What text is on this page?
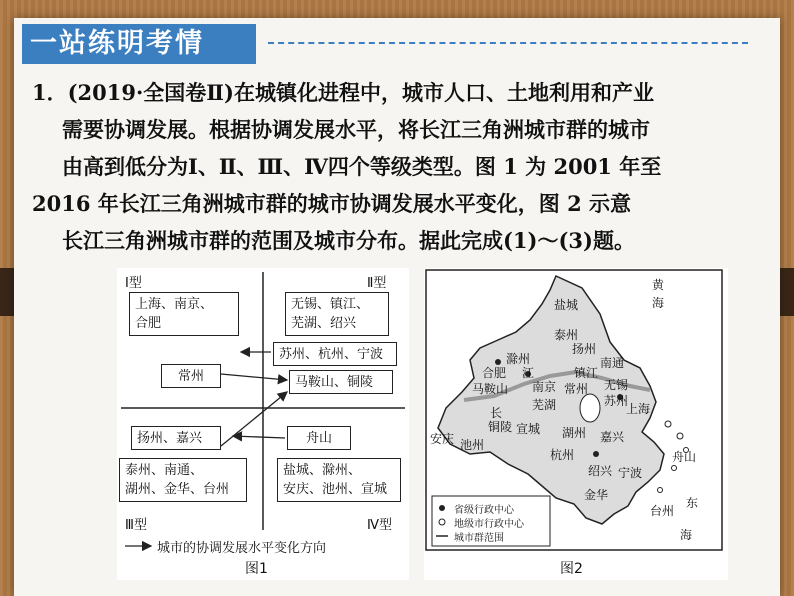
一站练明考情
1．(2019·全国卷Ⅱ)在城镇化进程中，城市人口、土地利用和产业
需要协调发展。根据协调发展水平，将长江三角洲城市群的城市
由高到低分为Ⅰ、Ⅱ、Ⅲ、Ⅳ四个等级类型。图 1 为 2001 年至
2016 年长江三角洲城市群的城市协调发展水平变化，图 2 示意
长江三角洲城市群的范围及城市分布。据此完成(1)～(3)题。
Ⅰ型	Ⅱ型
Ⅲ型	Ⅳ型
上海、南京、
合肥
无锡、镇江、
芜湖、绍兴
常州
苏州、杭州、宁波
马鞍山、铜陵
扬州、嘉兴	舟山
泰州、南通、
湖州、金华、台州
盐城、滁州、
安庆、池州、宣城
城市的协调发展水平变化方向
图1
盐城
泰州
扬州
南通
滁州
镇江
合肥
马鞍山 南京 常州 无锡
苏州
上海
芜湖
铜陵 宣城
池州
安庆	湖州 嘉兴
杭州
绍兴 宁波
舟山
金华
台州
黄
海
东
海
江
长
省级行政中心
地级市行政中心
城市群范围
图2
